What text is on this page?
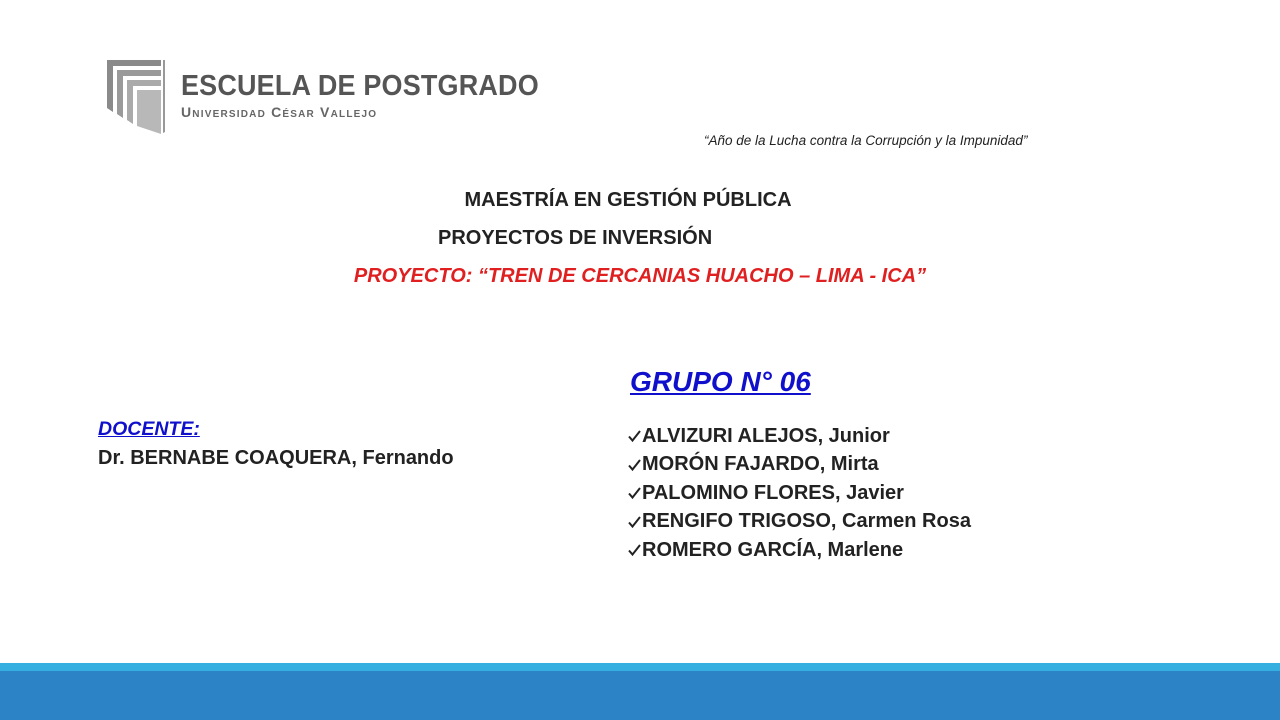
ESCUELA DE POSTGRADO
Universidad César Vallejo
“Año de la Lucha contra la Corrupción y la Impunidad”
MAESTRÍA EN GESTIÓN PÚBLICA
PROYECTOS DE INVERSIÓN
PROYECTO: “TREN DE CERCANIAS HUACHO – LIMA - ICA”
DOCENTE:
Dr. BERNABE COAQUERA, Fernando
GRUPO N° 06
ALVIZURI ALEJOS, Junior
MORÓN FAJARDO, Mirta
PALOMINO FLORES, Javier
RENGIFO TRIGOSO, Carmen Rosa
ROMERO GARCÍA, Marlene
